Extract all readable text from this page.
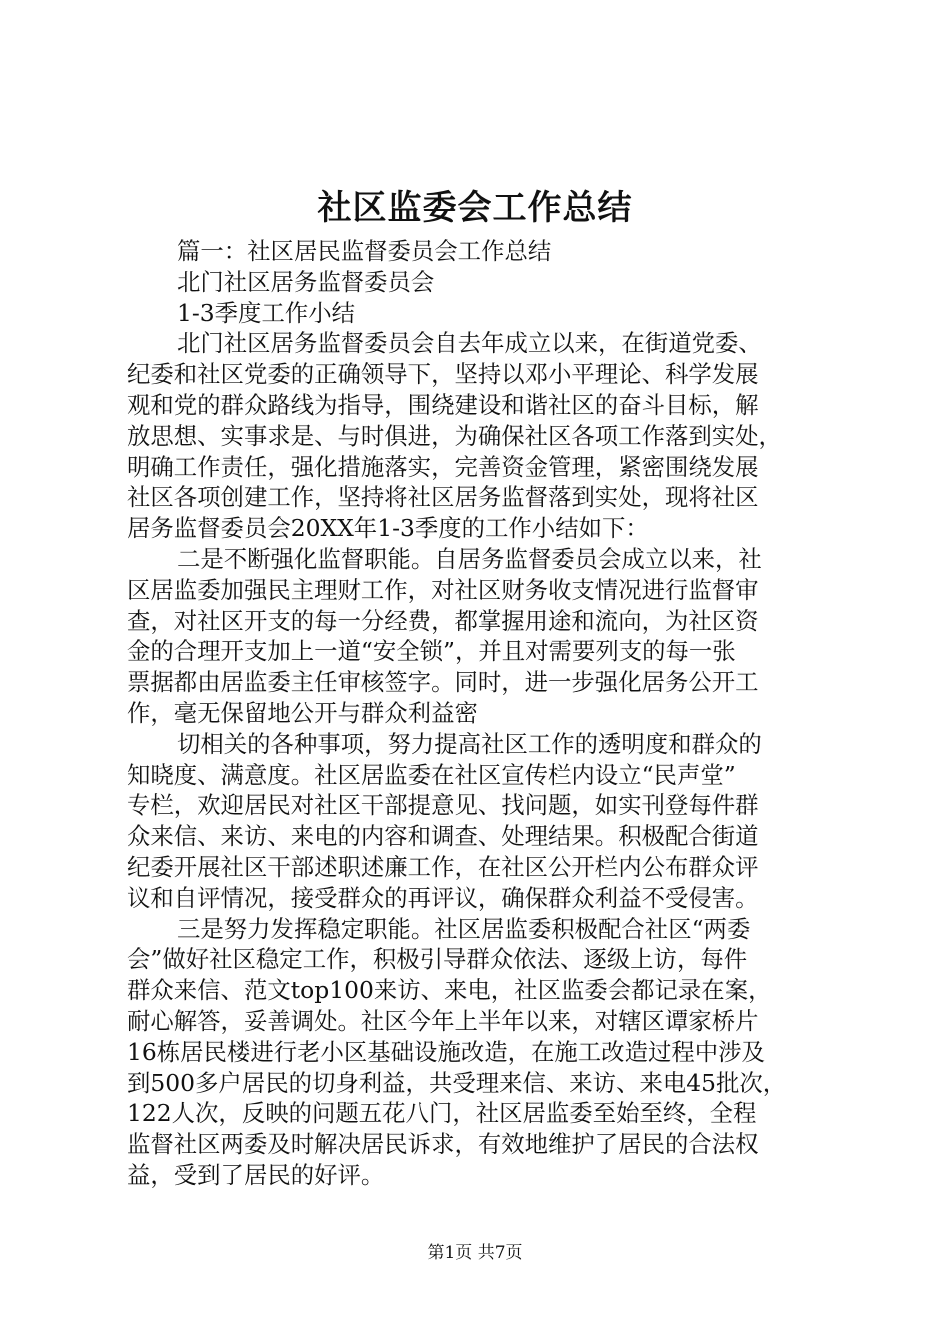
社区监委会工作总结
篇一：社区居民监督委员会工作总结
北门社区居务监督委员会
1-3季度工作小结
北门社区居务监督委员会自去年成立以来，在街道党委、
纪委和社区党委的正确领导下，坚持以邓小平理论、科学发展
观和党的群众路线为指导，围绕建设和谐社区的奋斗目标，解
放思想、实事求是、与时俱进，为确保社区各项工作落到实处，
明确工作责任，强化措施落实，完善资金管理，紧密围绕发展
社区各项创建工作，坚持将社区居务监督落到实处，现将社区
居务监督委员会20XX年1-3季度的工作小结如下：
二是不断强化监督职能。自居务监督委员会成立以来，社
区居监委加强民主理财工作，对社区财务收支情况进行监督审
查，对社区开支的每一分经费，都掌握用途和流向，为社区资
金的合理开支加上一道“安全锁”，并且对需要列支的每一张
票据都由居监委主任审核签字。同时，进一步强化居务公开工
作，毫无保留地公开与群众利益密
切相关的各种事项，努力提高社区工作的透明度和群众的
知晓度、满意度。社区居监委在社区宣传栏内设立“民声堂”
专栏，欢迎居民对社区干部提意见、找问题，如实刊登每件群
众来信、来访、来电的内容和调查、处理结果。积极配合街道
纪委开展社区干部述职述廉工作，在社区公开栏内公布群众评
议和自评情况，接受群众的再评议，确保群众利益不受侵害。
三是努力发挥稳定职能。社区居监委积极配合社区“两委
会”做好社区稳定工作，积极引导群众依法、逐级上访，每件
群众来信、范文top100来访、来电，社区监委会都记录在案，
耐心解答，妥善调处。社区今年上半年以来，对辖区谭家桥片
16栋居民楼进行老小区基础设施改造，在施工改造过程中涉及
到500多户居民的切身利益，共受理来信、来访、来电45批次，
122人次，反映的问题五花八门，社区居监委至始至终，全程
监督社区两委及时解决居民诉求，有效地维护了居民的合法权
益，受到了居民的好评。
第1页 共7页
